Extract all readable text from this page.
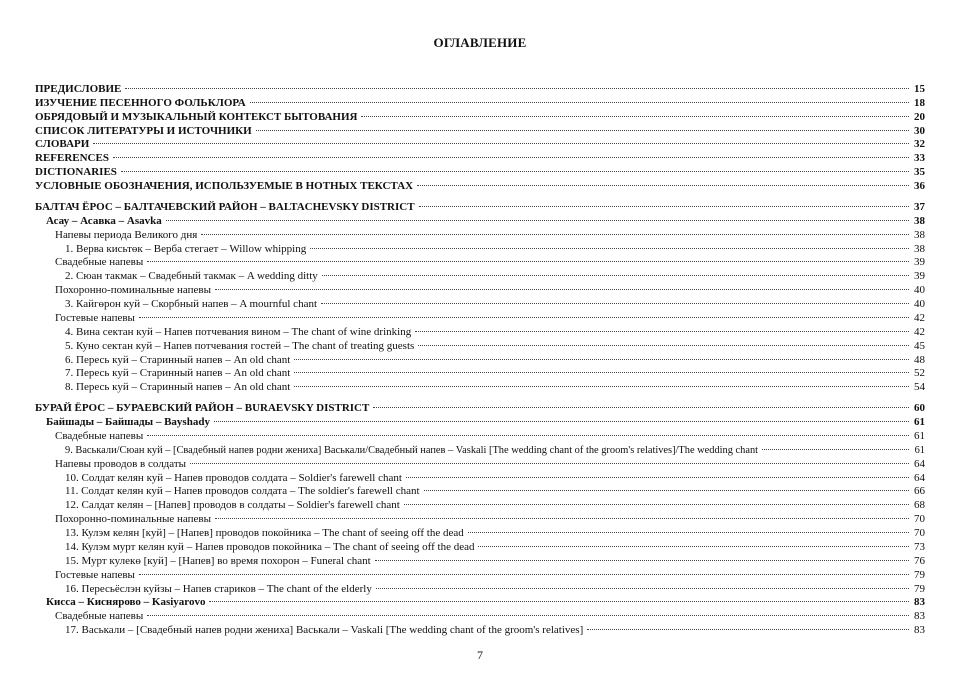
ОГЛАВЛЕНИЕ
ПРЕДИСЛОВИЕ	15
ИЗУЧЕНИЕ ПЕСЕННОГО ФОЛЬКЛОРА	18
ОБРЯДОВЫЙ И МУЗЫКАЛЬНЫЙ КОНТЕКСТ БЫТОВАНИЯ	20
СПИСОК ЛИТЕРАТУРЫ И ИСТОЧНИКИ	30
СЛОВАРИ	32
REFERENCES	33
DICTIONARIES	35
УСЛОВНЫЕ ОБОЗНАЧЕНИЯ, ИСПОЛЬЗУЕМЫЕ В НОТНЫХ ТЕКСТАХ	36
БАЛТАЧ ЁРОС – БАЛТАЧЕВСКИЙ РАЙОН – BALTACHEVSKY DISTRICT	37
Асау – Асавка – Asavka	38
Напевы периода Великого дня	38
1. Верва кисьтөк – Верба стегает – Willow whipping	38
Свадебные напевы	39
2. Сюан такмак – Свадебный такмак – A wedding ditty	39
Похоронно-поминальные напевы	40
3. Кайгөрон куй – Скорбный напев – A mournful chant	40
Гостевые напевы	42
4. Вина сектан куй – Напев потчевания вином – The chant of wine drinking	42
5. Куно сектан куй – Напев потчевания гостей – The chant of treating guests	45
6. Пересь куй – Старинный напев – An old chant	48
7. Пересь куй – Старинный напев – An old chant	52
8. Пересь куй – Старинный напев – An old chant	54
БУРАЙ ЁРОС – БУРАЕВСКИЙ РАЙОН – BURAEVSKY DISTRICT	60
Байшады – Байшады – Bayshady	61
Свадебные напевы	61
9. Васькали/Сюан куй – [Свадебный напев родни жениха] Васькали/Свадебный напев – Vaskali [The wedding chant of the groom's relatives]/The wedding chant	61
Напевы проводов в солдаты	64
10. Солдат келян куй – Напев проводов солдата – Soldier's farewell chant	64
11. Солдат келян куй – Напев проводов солдата – The soldier's farewell chant	66
12. Салдат келян – [Напев] проводов в солдаты – Soldier's farewell chant	68
Похоронно-поминальные напевы	70
13. Кулэм келян [куй] – [Напев] проводов покойника – The chant of seeing off the dead	70
14. Кулэм мурт келян куй – Напев проводов покойника – The chant of seeing off the dead	73
15. Мурт кулекө [куй] – [Напев] во время похорон – Funeral chant	76
Гостевые напевы	79
16. Пересьёслэн куйзы – Напев стариков – The chant of the elderly	79
Кисса – Киcнярово – Kasiyarovo	83
Свадебные напевы	83
17. Васькали – [Свадебный напев родни жениха] Васькали – Vaskali [The wedding chant of the groom's relatives]	83
7
